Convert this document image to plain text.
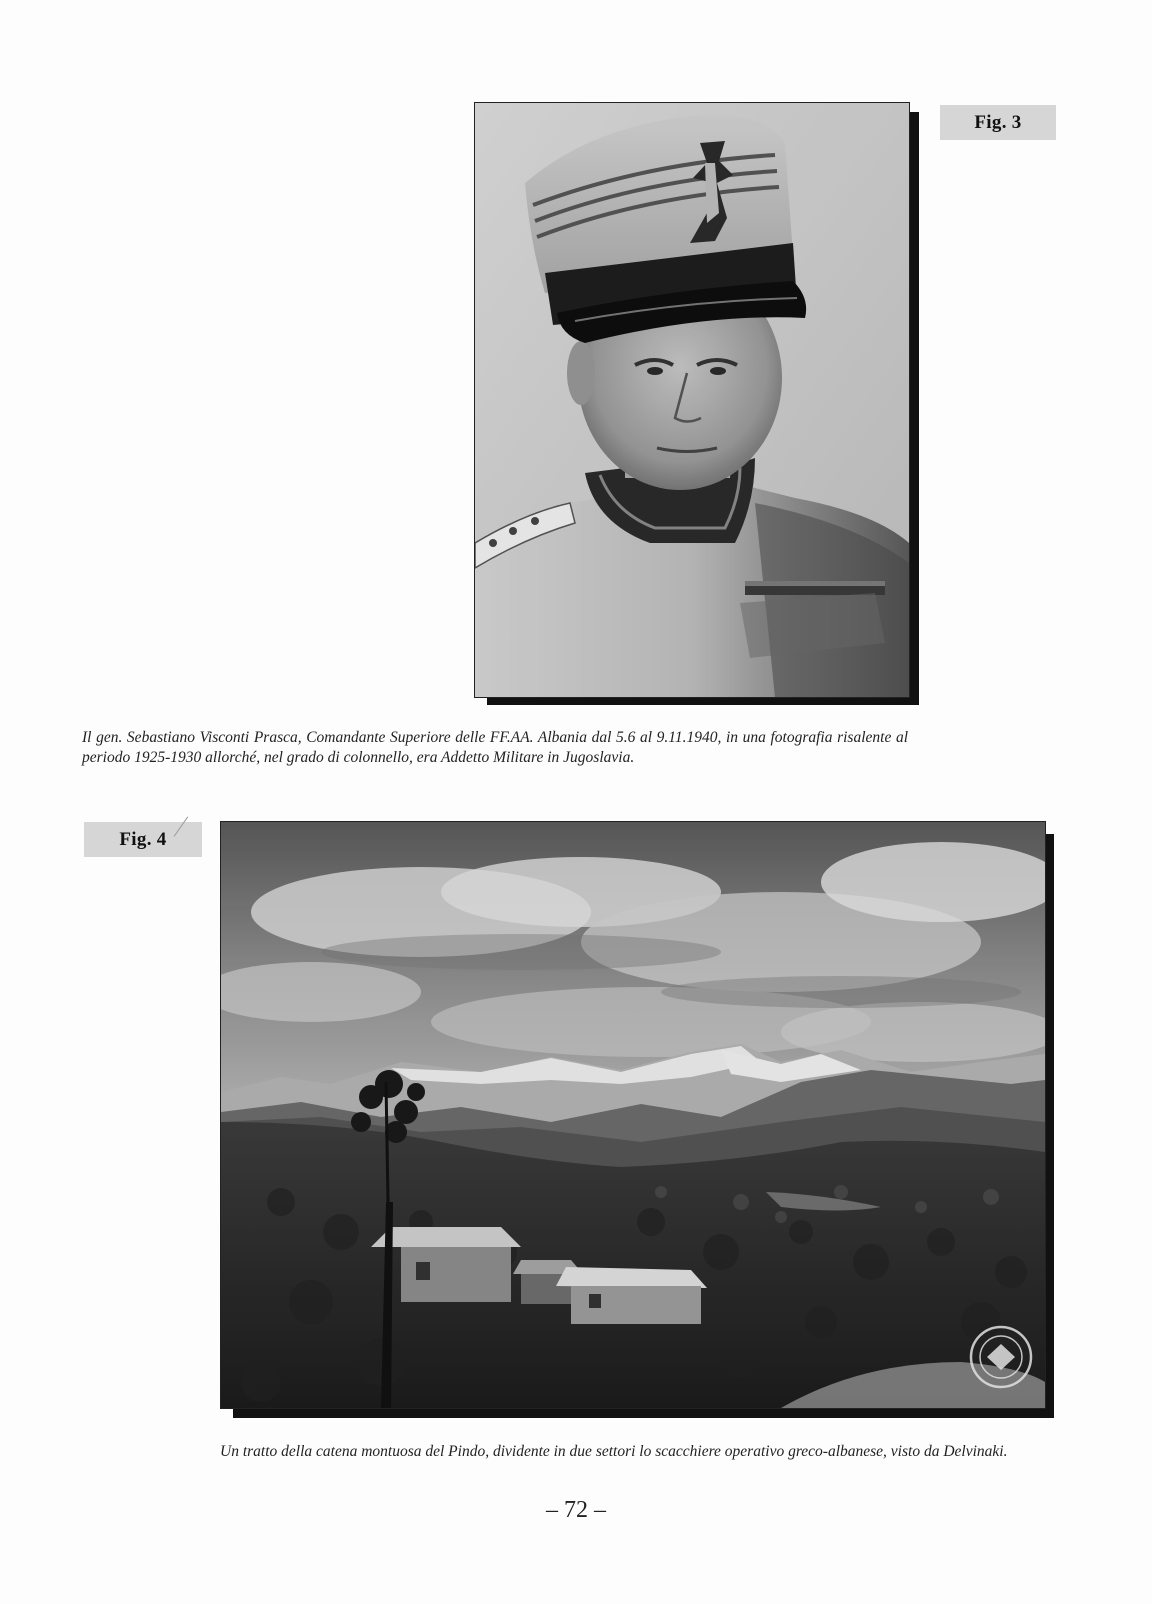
Fig. 3
Il gen. Sebastiano Visconti Prasca, Comandante Superiore delle FF.AA. Albania dal 5.6 al 9.11.1940, in una fotografia risalente al periodo 1925-1930 allorché, nel grado di colonnello, era Addetto Militare in Jugoslavia.
Fig. 4
Un tratto della catena montuosa del Pindo, dividente in due settori lo scacchiere operativo greco-albanese, visto da Delvinaki.
– 72 –
